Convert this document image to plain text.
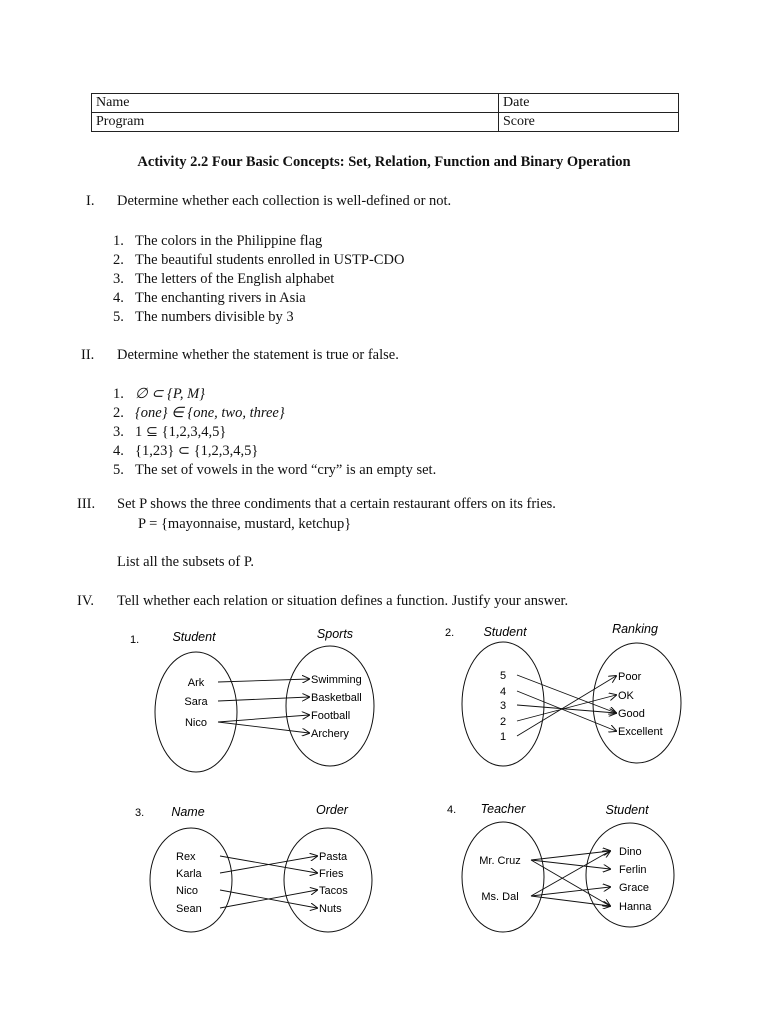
Name	Date
Program	Score
Activity 2.2 Four Basic Concepts: Set, Relation, Function and Binary Operation
I. Determine whether each collection is well-defined or not.
1. The colors in the Philippine flag
2. The beautiful students enrolled in USTP-CDO
3. The letters of the English alphabet
4. The enchanting rivers in Asia
5. The numbers divisible by 3
II. Determine whether the statement is true or false.
1. ∅ ⊂ {P, M}
2. {one} ∈ {one, two, three}
3. 1 ⊆ {1,2,3,4,5}
4. {1,23} ⊂ {1,2,3,4,5}
5. The set of vowels in the word “cry” is an empty set.
III. Set P shows the three condiments that a certain restaurant offers on its fries.
P = {mayonnaise, mustard, ketchup}
List all the subsets of P.
IV. Tell whether each relation or situation defines a function. Justify your answer.
1.	Student	Sports
Ark
Sara
Nico
Swimming
Basketball
Football
Archery
2. Student	Ranking
5
4
3
2
1
Poor
OK
Good
Excellent
3. Name	Order
Rex
Karla
Nico
Sean
Pasta
Fries
Tacos
Nuts
4. Teacher	Student
Mr. Cruz
Ms. Dal
Dino
Ferlin
Grace
Hanna
